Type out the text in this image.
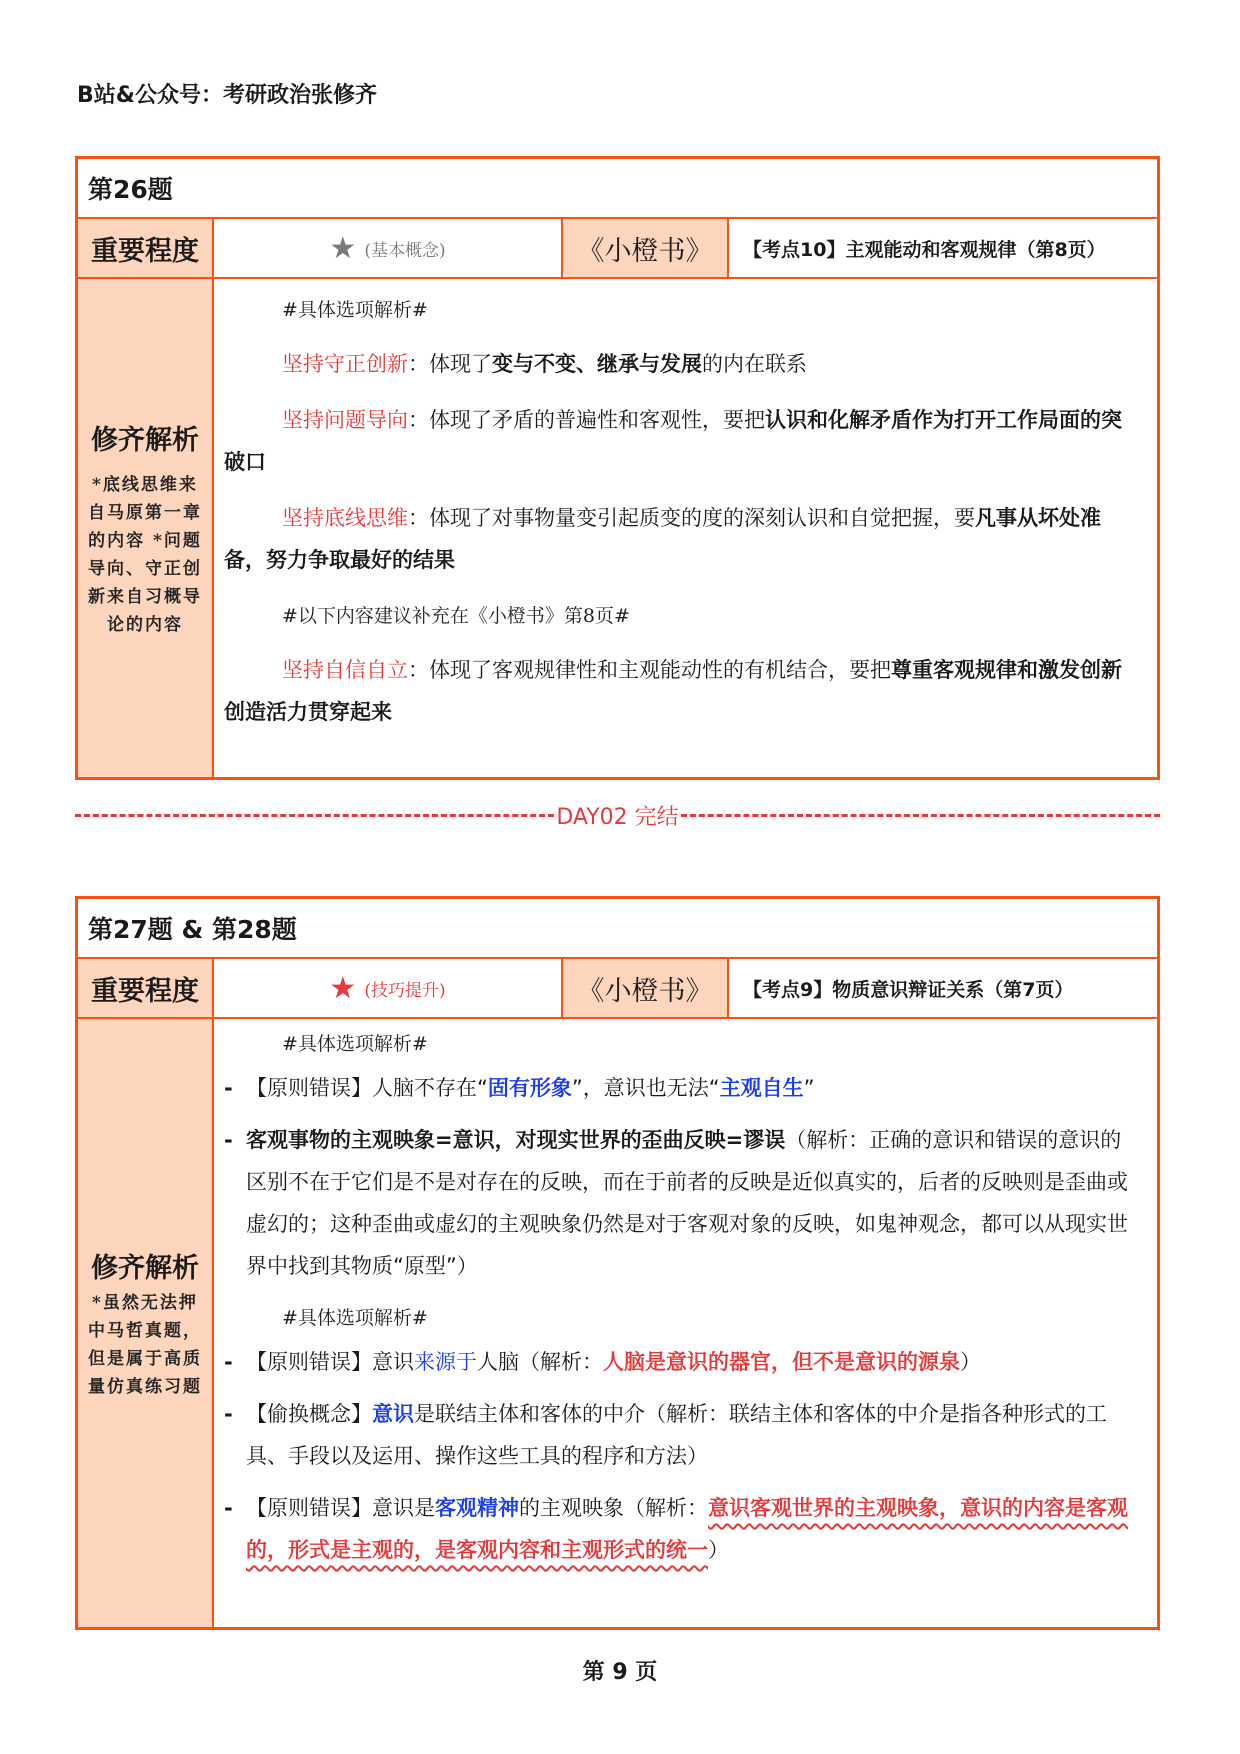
B站&公众号：考研政治张修齐
第26题
重要程度	★ (基本概念)	《小橙书》	【考点10】主观能动和客观规律（第8页）
修齐解析
*底线思维来自马原第一章的内容 *问题导向、守正创新来自习概导论的内容
#具体选项解析#

坚持守正创新：体现了变与不变、继承与发展的内在联系

坚持问题导向：体现了矛盾的普遍性和客观性，要把认识和化解矛盾作为打开工作局面的突破口

坚持底线思维：体现了对事物量变引起质变的度的深刻认识和自觉把握，要凡事从坏处准备，努力争取最好的结果

#以下内容建议补充在《小橙书》第8页#

坚持自信自立：体现了客观规律性和主观能动性的有机结合，要把尊重客观规律和激发创新创造活力贯穿起来

DAY02 完结
第27题 & 第28题
重要程度	★ (技巧提升)	《小橙书》	【考点9】物质意识辩证关系（第7页）
修齐解析
*虽然无法押中马哲真题，但是属于高质量仿真练习题
#具体选项解析#
- 【原则错误】人脑不存在“固有形象”，意识也无法“主观自生”
- 客观事物的主观映象=意识，对现实世界的歪曲反映=谬误（解析：正确的意识和错误的意识的区别不在于它们是不是对存在的反映，而在于前者的反映是近似真实的，后者的反映则是歪曲或虚幻的；这种歪曲或虚幻的主观映象仍然是对于客观对象的反映，如鬼神观念，都可以从现实世界中找到其物质“原型”）
#具体选项解析#
- 【原则错误】意识来源于人脑（解析：人脑是意识的器官，但不是意识的源泉）
- 【偷换概念】意识是联结主体和客体的中介（解析：联结主体和客体的中介是指各种形式的工具、手段以及运用、操作这些工具的程序和方法）
- 【原则错误】意识是客观精神的主观映象（解析：意识客观世界的主观映象，意识的内容是客观的，形式是主观的，是客观内容和主观形式的统一）
第 9 页
